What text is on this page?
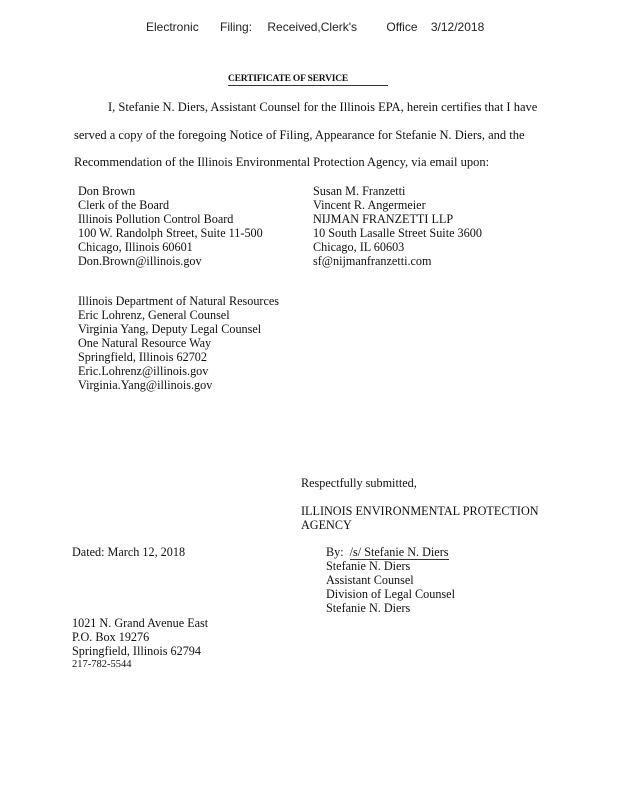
Electronic Filing: Received,Clerk's Office 3/12/2018
CERTIFICATE OF SERVICE
I, Stefanie N. Diers, Assistant Counsel for the Illinois EPA, herein certifies that I have
served a copy of the foregoing Notice of Filing, Appearance for Stefanie N. Diers, and the
Recommendation of the Illinois Environmental Protection Agency, via email upon:
Don Brown
Clerk of the Board
Illinois Pollution Control Board
100 W. Randolph Street, Suite 11-500
Chicago, Illinois 60601
Don.Brown@illinois.gov
Susan M. Franzetti
Vincent R. Angermeier
NIJMAN FRANZETTI LLP
10 South Lasalle Street Suite 3600
Chicago, IL 60603
sf@nijmanfranzetti.com
Illinois Department of Natural Resources
Eric Lohrenz, General Counsel
Virginia Yang, Deputy Legal Counsel
One Natural Resource Way
Springfield, Illinois 62702
Eric.Lohrenz@illinois.gov
Virginia.Yang@illinois.gov
Respectfully submitted,
ILLINOIS ENVIRONMENTAL PROTECTION
AGENCY
Dated: March 12, 2018	By: /s/ Stefanie N. Diers
Stefanie N. Diers
Assistant Counsel
Division of Legal Counsel
Stefanie N. Diers
1021 N. Grand Avenue East
P.O. Box 19276
Springfield, Illinois 62794
217-782-5544
